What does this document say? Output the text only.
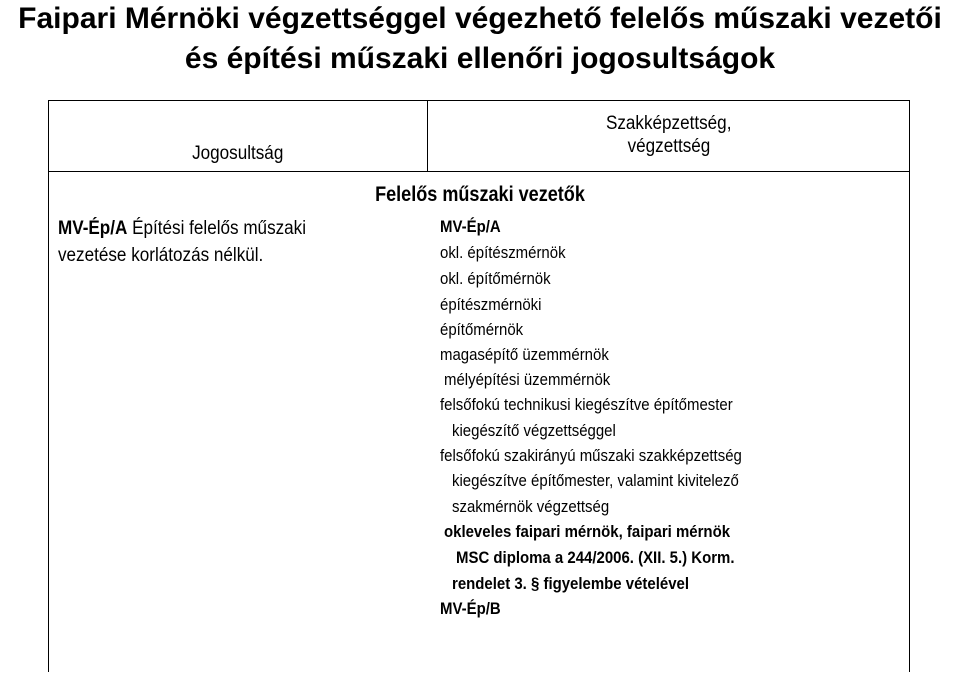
Faipari Mérnöki végzettséggel végezhető felelős műszaki vezetői
és építési műszaki ellenőri jogosultságok
Jogosultság
Szakképzettség,
végzettség
Felelős műszaki vezetők
MV-Ép/A Építési felelős műszaki
vezetése korlátozás nélkül.
MV-Ép/A
okl. építészmérnök
okl. építőmérnök
építészmérnöki
építőmérnök
magasépítő üzemmérnök
mélyépítési üzemmérnök
felsőfokú technikusi kiegészítve építőmester
kiegészítő végzettséggel
felsőfokú szakirányú műszaki szakképzettség
kiegészítve építőmester, valamint kivitelező
szakmérnök végzettség
okleveles faipari mérnök, faipari mérnök
MSC diploma a 244/2006. (XII. 5.) Korm.
rendelet 3. § figyelembe vételével
MV-Ép/B
